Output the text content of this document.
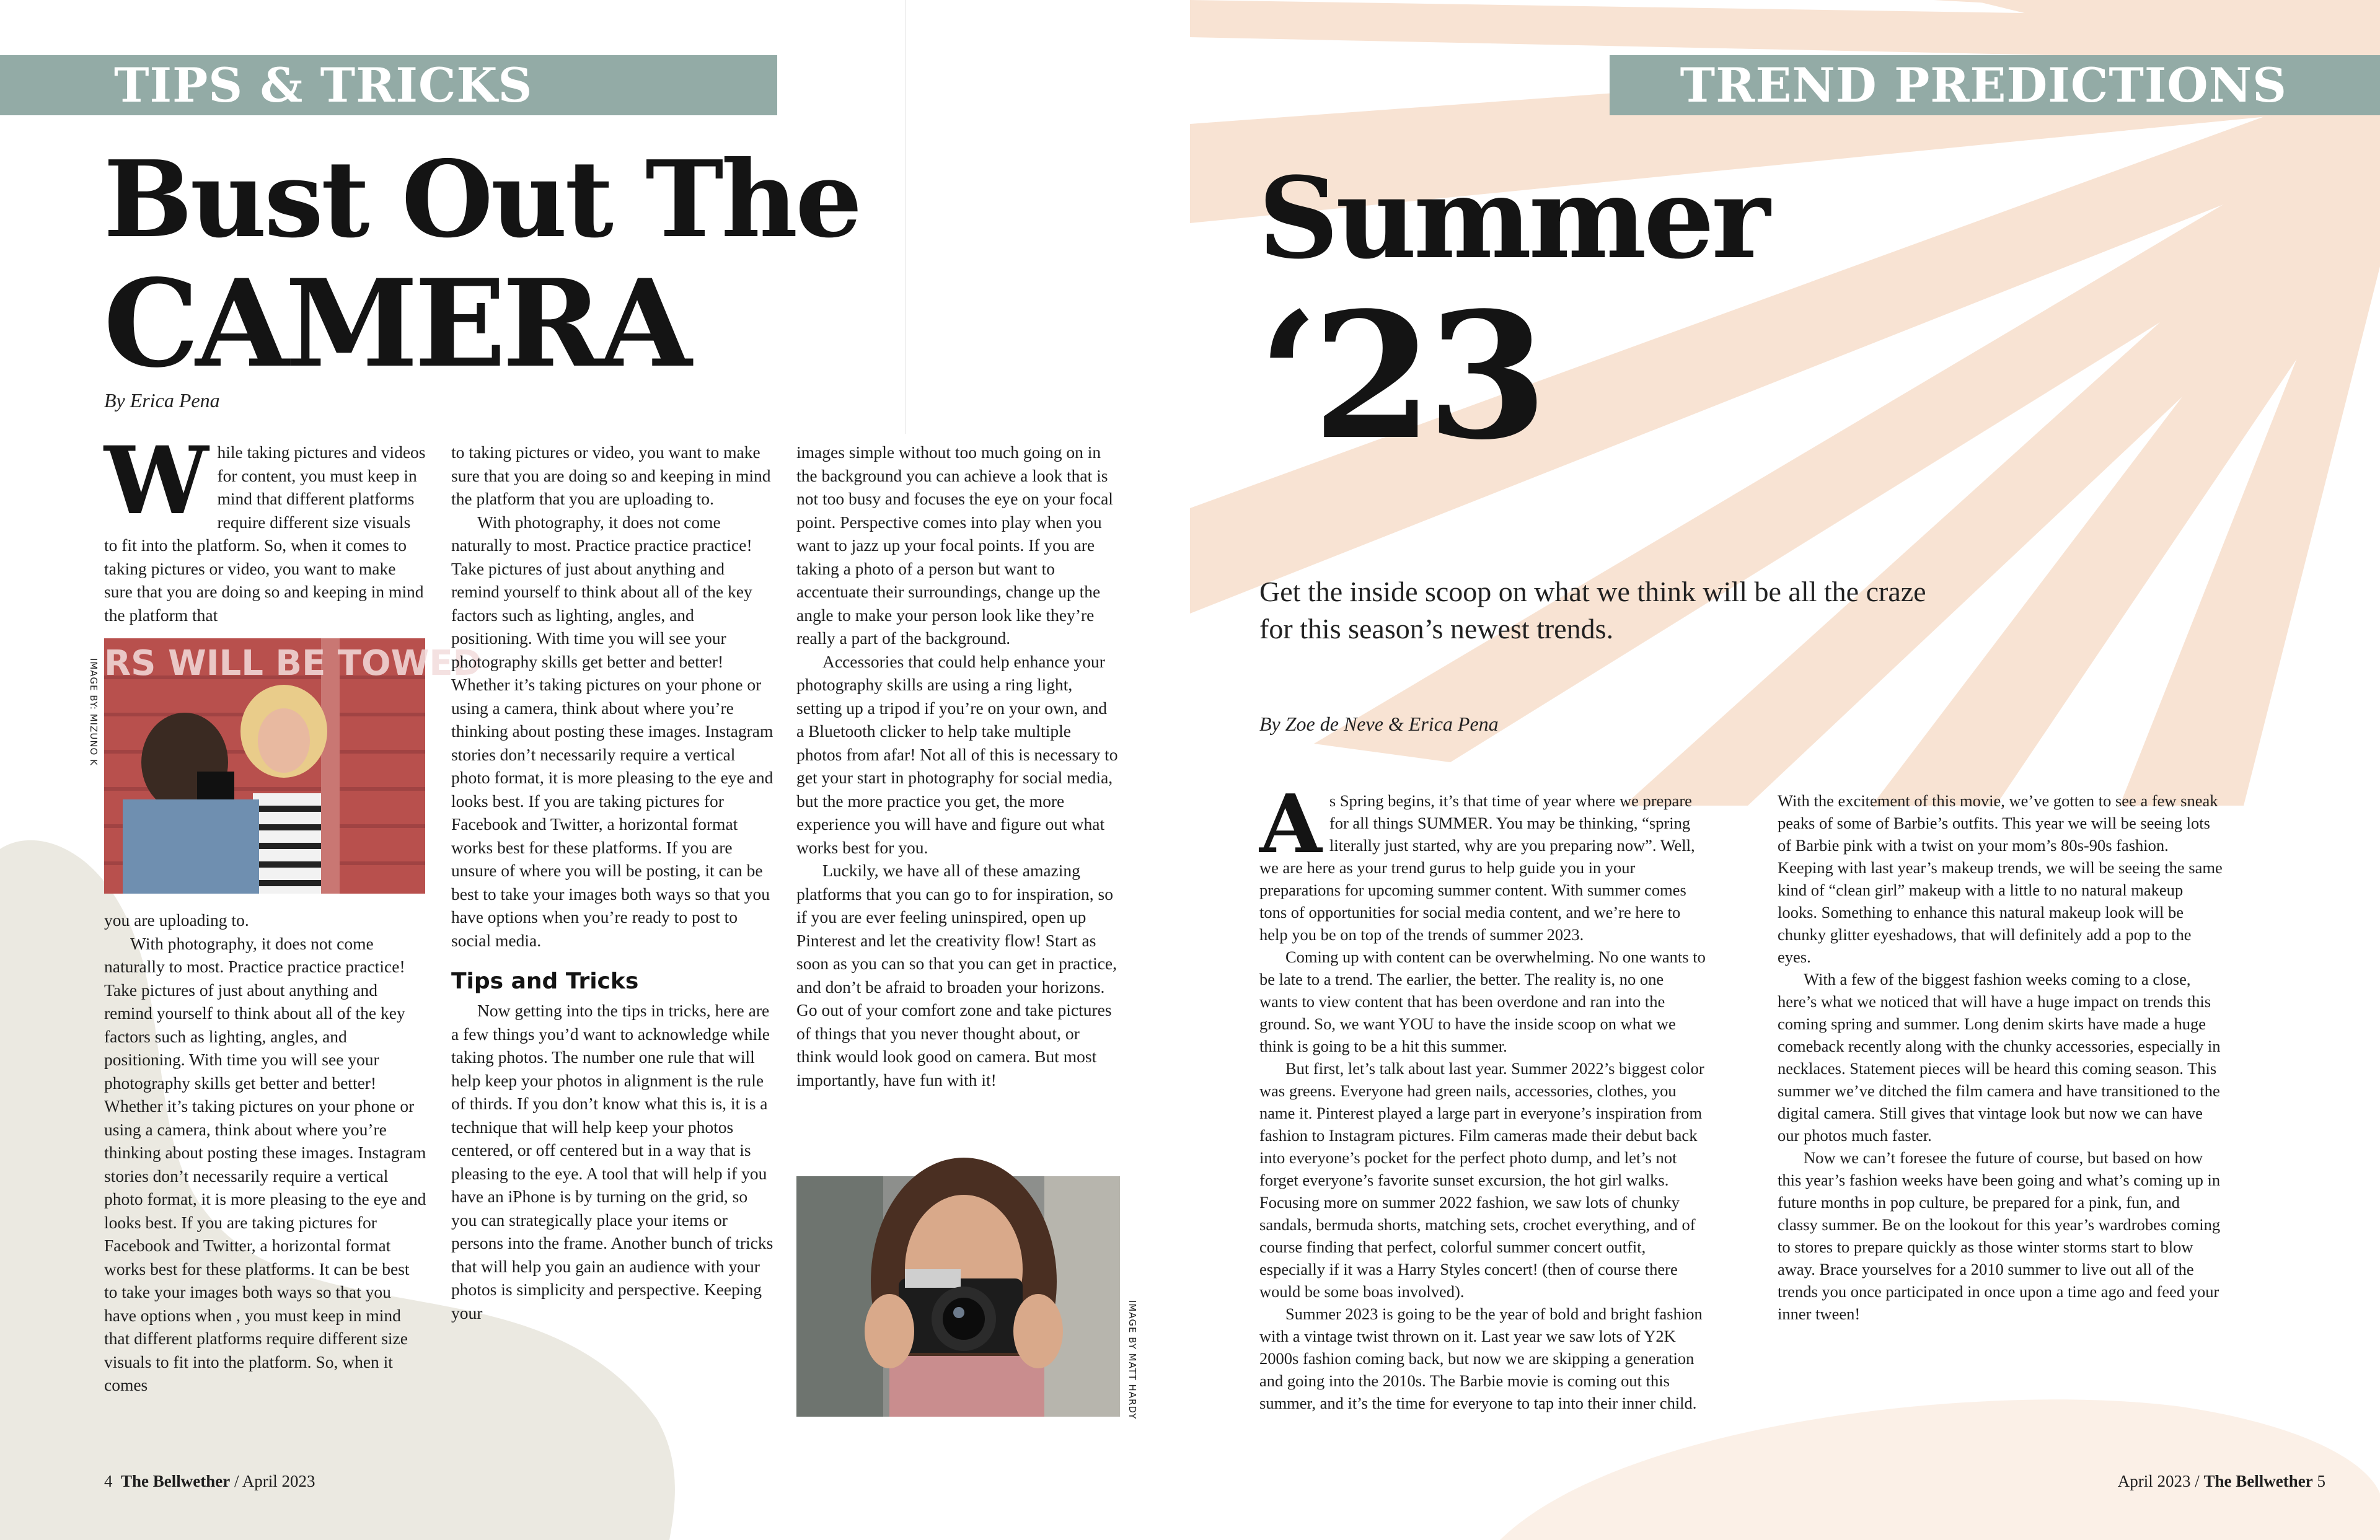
TIPS & TRICKS
Bust Out The
CAMERA
By Erica Pena
W hile taking pictures and videos for content, you must keep in mind that different platforms require different size visuals to fit into the platform. So, when it comes to taking pictures or video, you want to make sure that you are doing so and keeping in mind the platform that

RS WILL BE TOWED
IMAGE BY: MIZUNO K

you are uploading to.

With photography, it does not come naturally to most. Practice practice practice! Take pictures of just about anything and remind yourself to think about all of the key factors such as lighting, angles, and positioning. With time you will see your photography skills get better and better! Whether it’s taking pictures on your phone or using a camera, think about where you’re thinking about posting these images. Instagram stories don’t necessarily require a vertical photo format, it is more pleasing to the eye and looks best. If you are taking pictures for Facebook and Twitter, a horizontal format works best for these platforms. It can be best to take your images both ways so that you have options when , you must keep in mind that different platforms require different size visuals to fit into the platform. So, when it comes

to taking pictures or video, you want to make sure that you are doing so and keeping in mind the platform that you are uploading to.

With photography, it does not come naturally to most. Practice practice practice! Take pictures of just about anything and remind yourself to think about all of the key factors such as lighting, angles, and positioning. With time you will see your photography skills get better and better! Whether it’s taking pictures on your phone or using a camera, think about where you’re thinking about posting these images. Instagram stories don’t necessarily require a vertical photo format, it is more pleasing to the eye and looks best. If you are taking pictures for Facebook and Twitter, a horizontal format works best for these platforms. If you are unsure of where you will be posting, it can be best to take your images both ways so that you have options when you’re ready to post to social media.

Tips and Tricks

Now getting into the tips in tricks, here are a few things you’d want to acknowledge while taking photos. The number one rule that will help keep your photos in alignment is the rule of thirds. If you don’t know what this is, it is a technique that will help keep your photos centered, or off centered but in a way that is pleasing to the eye. A tool that will help if you have an iPhone is by turning on the grid, so you can strategically place your items or persons into the frame. Another bunch of tricks that will help you gain an audience with your photos is simplicity and perspective. Keeping your

images simple without too much going on in the background you can achieve a look that is not too busy and focuses the eye on your focal point. Perspective comes into play when you want to jazz up your focal points. If you are taking a photo of a person but want to accentuate their surroundings, change up the angle to make your person look like they’re really a part of the background.

Accessories that could help enhance your photography skills are using a ring light, setting up a tripod if you’re on your own, and a Bluetooth clicker to help take multiple photos from afar! Not all of this is necessary to get your start in photography for social media, but the more practice you get, the more experience you will have and figure out what works best for you.

Luckily, we have all of these amazing platforms that you can go to for inspiration, so if you are ever feeling uninspired, open up Pinterest and let the creativity flow! Start as soon as you can so that you can get in practice, and don’t be afraid to broaden your horizons. Go out of your comfort zone and take pictures of things that you never thought about, or think would look good on camera. But most importantly, have fun with it!

IMAGE BY MATT HARDY
4 The Bellwether / April 2023
TREND PREDICTIONS
Summer
‘23
Get the inside scoop on what we think will be all the craze for this season’s newest trends.
By Zoe de Neve & Erica Pena
A s Spring begins, it’s that time of year where we prepare for all things SUMMER. You may be thinking, “spring literally just started, why are you preparing now”. Well, we are here as your trend gurus to help guide you in your preparations for upcoming summer content. With summer comes tons of opportunities for social media content, and we’re here to help you be on top of the trends of summer 2023.

Coming up with content can be overwhelming. No one wants to be late to a trend. The earlier, the better. The reality is, no one wants to view content that has been overdone and ran into the ground. So, we want YOU to have the inside scoop on what we think is going to be a hit this summer.

But first, let’s talk about last year. Summer 2022’s biggest color was greens. Everyone had green nails, accessories, clothes, you name it. Pinterest played a large part in everyone’s inspiration from fashion to Instagram pictures. Film cameras made their debut back into everyone’s pocket for the perfect photo dump, and let’s not forget everyone’s favorite sunset excursion, the hot girl walks. Focusing more on summer 2022 fashion, we saw lots of chunky sandals, bermuda shorts, matching sets, crochet everything, and of course finding that perfect, colorful summer concert outfit, especially if it was a Harry Styles concert! (then of course there would be some boas involved).

Summer 2023 is going to be the year of bold and bright fashion with a vintage twist thrown on it. Last year we saw lots of Y2K 2000s fashion coming back, but now we are skipping a generation and going into the 2010s. The Barbie movie is coming out this summer, and it’s the time for everyone to tap into their inner child.

With the excitement of this movie, we’ve gotten to see a few sneak peaks of some of Barbie’s outfits. This year we will be seeing lots of Barbie pink with a twist on your mom’s 80s-90s fashion. Keeping with last year’s makeup trends, we will be seeing the same kind of “clean girl” makeup with a little to no natural makeup looks. Something to enhance this natural makeup look will be chunky glitter eyeshadows, that will definitely add a pop to the eyes.

With a few of the biggest fashion weeks coming to a close, here’s what we noticed that will have a huge impact on trends this coming spring and summer. Long denim skirts have made a huge comeback recently along with the chunky accessories, especially in necklaces. Statement pieces will be heard this coming season. This summer we’ve ditched the film camera and have transitioned to the digital camera. Still gives that vintage look but now we can have our photos much faster.

Now we can’t foresee the future of course, but based on how this year’s fashion weeks have been going and what’s coming up in future months in pop culture, be prepared for a pink, fun, and classy summer. Be on the lookout for this year’s wardrobes coming to stores to prepare quickly as those winter storms start to blow away. Brace yourselves for a 2010 summer to live out all of the trends you once participated in once upon a time ago and feed your inner tween!

April 2023 / The Bellwether 5
